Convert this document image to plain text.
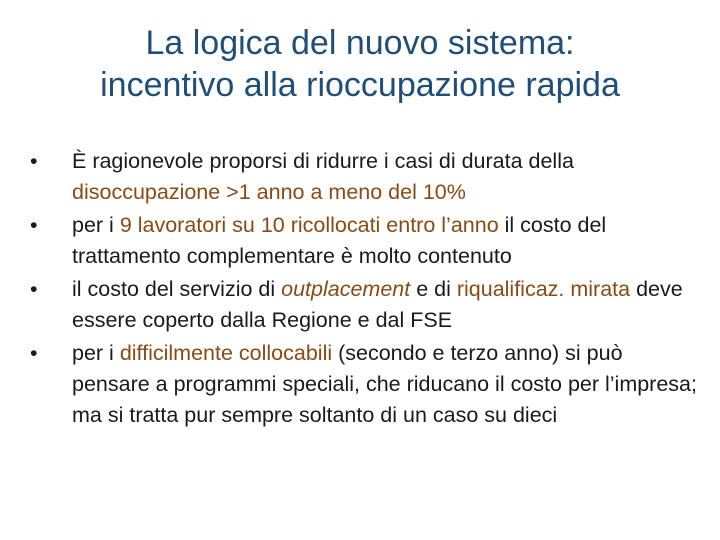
La logica del nuovo sistema:
incentivo alla rioccupazione rapida
•	È ragionevole proporsi di ridurre i casi di durata della disoccupazione >1 anno a meno del 10%
•	per i 9 lavoratori su 10 ricollocati entro l’anno il costo del trattamento complementare è molto contenuto
•	il costo del servizio di outplacement e di riqualificaz. mirata deve essere coperto dalla Regione e dal FSE
•	per i difficilmente collocabili (secondo e terzo anno) si può pensare a programmi speciali, che riducano il costo per l’impresa; ma si tratta pur sempre soltanto di un caso su dieci
